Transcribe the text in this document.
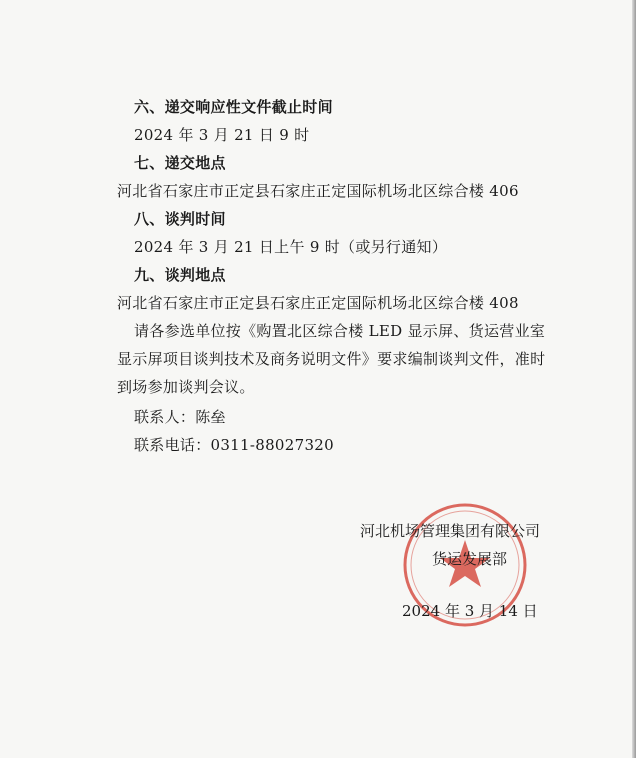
六、递交响应性文件截止时间
2024 年 3 月 21 日 9 时
七、递交地点
河北省石家庄市正定县石家庄正定国际机场北区综合楼 406
八、谈判时间
2024 年 3 月 21 日上午 9 时（或另行通知）
九、谈判地点
河北省石家庄市正定县石家庄正定国际机场北区综合楼 408
请各参选单位按《购置北区综合楼 LED 显示屏、货运营业室
显示屏项目谈判技术及商务说明文件》要求编制谈判文件，准时
到场参加谈判会议。
联系人：陈垒
联系电话：0311-88027320
河北机场管理集团有限公司
货运发展部
2024 年 3 月 14 日
